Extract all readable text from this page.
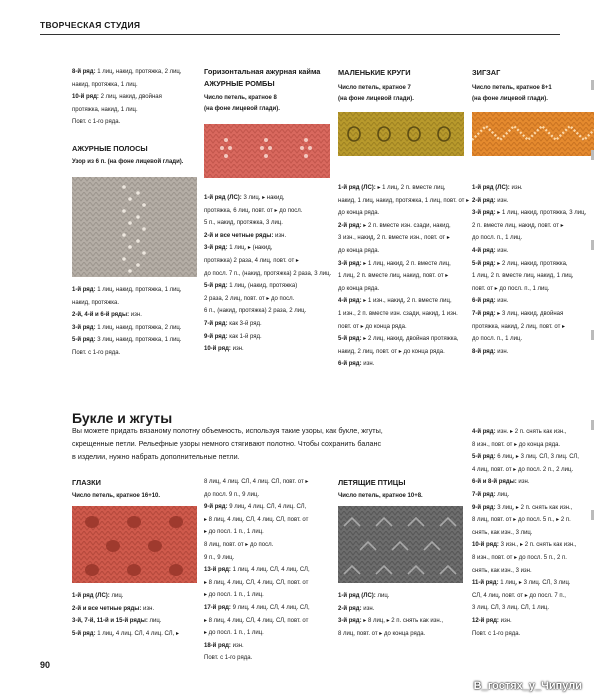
ТВОРЧЕСКАЯ СТУДИЯ
8-й ряд: 1 лиц, накид, протяжка, 2 лиц,
накид, протяжка, 1 лиц.
10-й ряд: 2 лиц, накид, двойная
протяжка, накид, 1 лиц.
Повт. с 1-го ряда.
АЖУРНЫЕ ПОЛОСЫ
Узор из 6 п. (на фоне лицевой глади).
1-й ряд: 1 лиц, накид, протяжка, 1 лиц,
накид, протяжка.
2-й, 4-й и 6-й ряды: изн.
3-й ряд: 1 лиц, накид, протяжка, 2 лиц.
5-й ряд: 3 лиц, накид, протяжка, 1 лиц.
Повт. с 1-го ряда.
Горизонтальная ажурная кайма
АЖУРНЫЕ РОМБЫ
Число петель, кратное 8
(на фоне лицевой глади).
1-й ряд (ЛС): 3 лиц, ▸ накид,
протяжка, 6 лиц, повт. от ▸ до посл.
5 п., накид, протяжка, 3 лиц.
2-й и все четные ряды: изн.
3-й ряд: 1 лиц, ▸ (накид,
протяжка) 2 раза, 4 лиц, повт. от ▸
до посл. 7 п., (накид, протяжка) 2 раза, 3 лиц.
5-й ряд: 1 лиц, (накид, протяжка)
2 раза, 2 лиц, повт. от ▸ до посл.
6 п., (накид, протяжка) 2 раза, 2 лиц.
7-й ряд: как 3-й ряд.
9-й ряд: как 1-й ряд.
10-й ряд: изн.
МАЛЕНЬКИЕ КРУГИ
Число петель, кратное 7
(на фоне лицевой глади).
1-й ряд (ЛС): ▸ 1 лиц, 2 п. вместе лиц,
накид, 1 лиц, накид, протяжка, 1 лиц, повт. от ▸
до конца ряда.
2-й ряд: ▸ 2 п. вместе изн. сзади, накид,
3 изн., накид, 2 п. вместе изн., повт. от ▸
до конца ряда.
3-й ряд: ▸ 1 лиц, накид, 2 п. вместе лиц,
1 лиц, 2 п. вместе лиц, накид, повт. от ▸
до конца ряда.
4-й ряд: ▸ 1 изн., накид, 2 п. вместе лиц,
1 изн., 2 п. вместе изн. сзади, накид, 1 изн.
повт. от ▸ до конца ряда.
5-й ряд: ▸ 2 лиц, накид, двойная протяжка,
накид, 2 лиц, повт. от ▸ до конца ряда.
6-й ряд: изн.
ЗИГЗАГ
Число петель, кратное 8+1
(на фоне лицевой глади).
1-й ряд (ЛС): изн.
2-й ряд: изн.
3-й ряд: ▸ 1 лиц, накид, протяжка, 3 лиц,
2 п. вместе лиц, накид, повт. от ▸
до посл. п., 1 лиц.
4-й ряд: изн.
5-й ряд: ▸ 2 лиц, накид, протяжка,
1 лиц, 2 п. вместе лиц, накид, 1 лиц,
повт. от ▸ до посл. п., 1 лиц.
6-й ряд: изн.
7-й ряд: ▸ 3 лиц, накид, двойная
протяжка, накид, 2 лиц, повт. от ▸
до посл. п., 1 лиц.
8-й ряд: изн.
Букле и жгуты
Вы можете придать вязаному полотну объемность, используя такие узоры, как букле, жгуты,
скрещенные петли. Рельефные узоры немного стягивают полотно. Чтобы сохранить баланс
в изделии, нужно набрать дополнительные петли.
ГЛАЗКИ
Число петель, кратное 16+10.
1-й ряд (ЛС): лиц.
2-й и все четные ряды: изн.
3-й, 7-й, 11-й и 15-й ряды: лиц.
5-й ряд: 1 лиц, 4 лиц. СЛ, 4 лиц. СЛ, ▸
8 лиц, 4 лиц. СЛ, 4 лиц. СЛ, повт. от ▸
до посл. 9 п., 9 лиц.
9-й ряд: 9 лиц, 4 лиц. СЛ, 4 лиц. СЛ,
▸ 8 лиц, 4 лиц. СЛ, 4 лиц. СЛ, повт. от
▸ до посл. 1 п., 1 лиц.
8 лиц, повт. от ▸ до посл.
9 п., 9 лиц.
13-й ряд: 1 лиц, 4 лиц. СЛ, 4 лиц. СЛ,
▸ 8 лиц, 4 лиц. СЛ, 4 лиц. СЛ, повт. от
▸ до посл. 1 п., 1 лиц.
17-й ряд: 9 лиц, 4 лиц. СЛ, 4 лиц. СЛ,
▸ 8 лиц, 4 лиц. СЛ, 4 лиц. СЛ, повт. от
▸ до посл. 1 п., 1 лиц.
18-й ряд: изн.
Повт. с 1-го ряда.
ЛЕТЯЩИЕ ПТИЦЫ
Число петель, кратное 10+8.
1-й ряд (ЛС): лиц.
2-й ряд: изн.
3-й ряд: ▸ 8 лиц, ▸ 2 п. снять как изн.,
8 лиц, повт. от ▸ до конца ряда.
4-й ряд: изн. ▸ 2 п. снять как изн.,
8 изн., повт. от ▸ до конца ряда.
5-й ряд: 6 лиц, ▸ 3 лиц. СЛ, 3 лиц. СЛ,
4 лиц, повт. от ▸ до посл. 2 п., 2 лиц.
6-й и 8-й ряды: изн.
7-й ряд: лиц.
9-й ряд: 3 лиц, ▸ 2 п. снять как изн.,
8 лиц, повт. от ▸ до посл. 5 п., ▸ 2 п.
снять, как изн., 3 лиц.
10-й ряд: 3 изн., ▸ 2 п. снять как изн.,
8 изн., повт. от ▸ до посл. 5 п., 2 п.
снять, как изн., 3 изн.
11-й ряд: 1 лиц, ▸ 3 лиц. СЛ, 3 лиц.
СЛ, 4 лиц, повт. от ▸ до посл. 7 п.,
3 лиц. СЛ, 3 лиц. СЛ, 1 лиц.
12-й ряд: изн.
Повт. с 1-го ряда.
90
В_гостях_у_Чипули
